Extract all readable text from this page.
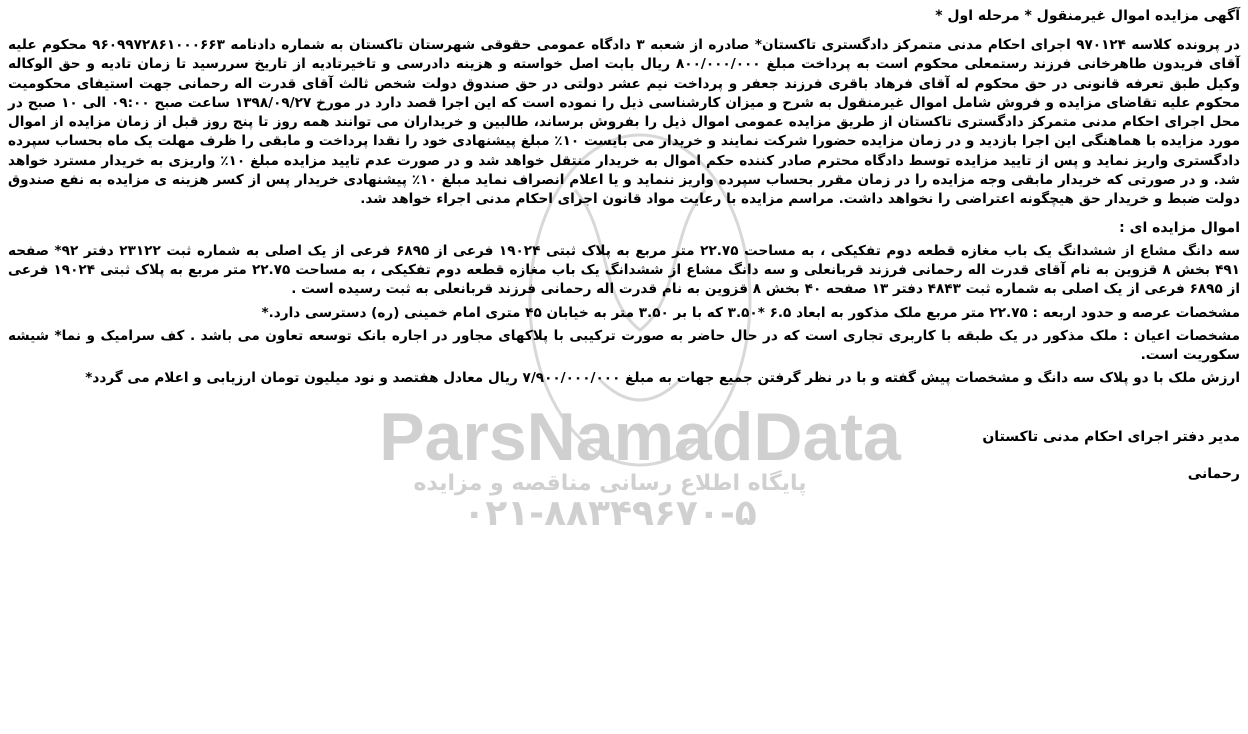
ParsNamadData
پایگاه اطلاع رسانی مناقصه و مزایده
۰۲۱-۸۸۳۴۹۶۷۰-۵
آگهی مزایده اموال غیرمنقول * مرحله اول *

در پرونده کلاسه ۹۷۰۱۲۴ اجرای احکام مدنی متمرکز دادگستری تاکستان* صادره از شعبه ۳ دادگاه عمومی حقوقی شهرستان تاکستان به شماره دادنامه ۹۶۰۹۹۷۲۸۶۱۰۰۰۶۶۳ محکوم علیه آقای فریدون طاهرخانی فرزند رستمعلی محکوم است به پرداخت مبلغ ۸۰۰/۰۰۰/۰۰۰ ریال بابت اصل خواسته و هزینه دادرسی و تاخیرتادیه از تاریخ سررسید تا زمان تادیه و حق الوکاله وکیل طبق تعرفه قانونی در حق محکوم له آقای فرهاد باقری فرزند جعفر و پرداخت نیم عشر دولتی در حق صندوق دولت شخص ثالث آقای قدرت اله رحمانی جهت استیفای محکومیت محکوم علیه تقاضای مزایده و فروش شامل اموال غیرمنقول به شرح و میزان کارشناسی ذیل را نموده است که این اجرا قصد دارد در مورخ ۱۳۹۸/۰۹/۲۷ ساعت صبح ۰۹:۰۰ الی ۱۰ صبح در محل اجرای احکام مدنی متمرکز دادگستری تاکستان از طریق مزایده عمومی اموال ذیل را بفروش برساند، طالبین و خریداران می توانند همه روز تا پنج روز قبل از زمان مزایده از اموال مورد مزایده با هماهنگی این اجرا بازدید و در زمان مزایده حضورا شرکت نمایند و خریدار می بایست ۱۰٪ مبلغ پیشنهادی خود را نقدا پرداخت و مابقی را ظرف مهلت یک ماه بحساب سپرده دادگستری واریز نماید و پس از تایید مزایده توسط دادگاه محترم صادر کننده حکم اموال به خریدار منتقل خواهد شد و در صورت عدم تایید مزایده مبلغ ۱۰٪ واریزی به خریدار مسترد خواهد شد. و در صورتی که خریدار مابقی وجه مزایده را در زمان مقرر بحساب سپرده واریز ننماید و یا اعلام انصراف نماید مبلغ ۱۰٪ پیشنهادی خریدار پس از کسر هزینه ی مزایده به نفع صندوق دولت ضبط و خریدار حق هیچگونه اعتراضی را نخواهد داشت. مراسم مزایده با رعایت مواد قانون اجرای احکام مدنی اجراء خواهد شد.

اموال مزایده ای :

سه دانگ مشاع از ششدانگ یک باب مغازه قطعه دوم تفکیکی ، به مساحت ۲۲.۷۵ متر مربع به پلاک ثبتی ۱۹۰۲۴ فرعی از ۶۸۹۵ فرعی از یک اصلی به شماره ثبت ۲۳۱۲۲ دفتر ۹۲* صفحه ۴۹۱ بخش ۸ قزوین به نام آقای قدرت اله رحمانی فرزند قربانعلی و سه دانگ مشاع از ششدانگ یک باب مغازه قطعه دوم تفکیکی ، به مساحت ۲۲.۷۵ متر مربع به پلاک ثبتی ۱۹۰۲۴ فرعی از ۶۸۹۵ فرعی از یک اصلی به شماره ثبت ۴۸۴۳ دفتر ۱۳ صفحه ۴۰ بخش ۸ قزوین به نام قدرت اله رحمانی فرزند قربانعلی به ثبت رسیده است .

مشخصات عرصه و حدود اربعه : ۲۲.۷۵ متر مربع ملک مذکور به ابعاد ۶.۵ *۳.۵۰ که با بر ۳.۵۰ متر به خیابان ۴۵ متری امام خمینی (ره) دسترسی دارد.*

مشخصات اعیان : ملک مذکور در یک طبقه با کاربری تجاری است که در حال حاضر به صورت ترکیبی با پلاکهای مجاور در اجاره بانک توسعه تعاون می باشد . کف سرامیک و نما* شیشه سکوریت است.

ارزش ملک با دو پلاک سه دانگ و مشخصات پیش گفته و با در نظر گرفتن جمیع جهات به مبلغ ۷/۹۰۰/۰۰۰/۰۰۰ ریال معادل هفتصد و نود میلیون تومان ارزیابی و اعلام می گردد*

مدیر دفتر اجرای احکام مدنی تاکستان
رحمانی
